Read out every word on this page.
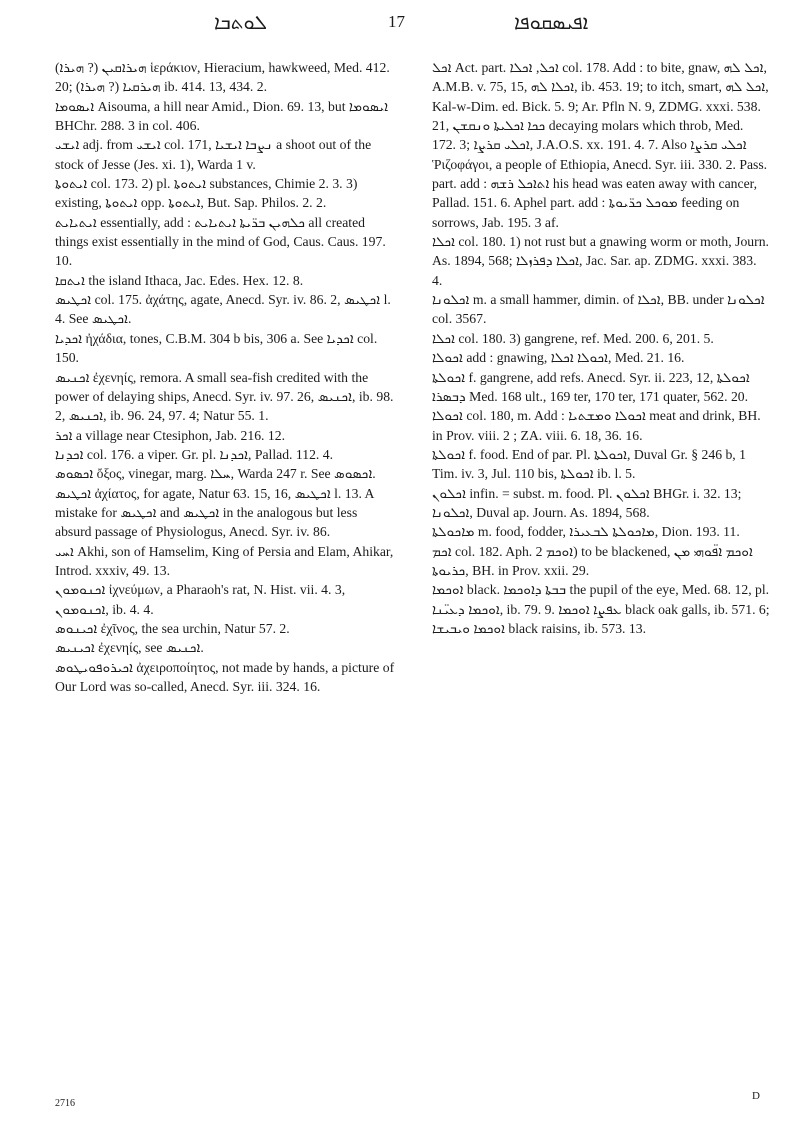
ܠܘܬܒܐ	17	ܐܦܝܣܩܘܦܐ

ܗܝܪܐܩܝܢ (? ܗܝܪܐ) ἱεράκιον, Hieracium, hawkweed, Med. 412. 20; ܗܝܪܩܝܐ (? ܗܝܪܐ) ib. 414. 13, 434. 2.

ܐܝܣܘܡܐ Aisouma, a hill near Amid., Dion. 69. 13, but ܐܝܣܘܡܐ BHChr. 288. 3 in col. 406.

ܐܝܫܝ adj. from ܐܝܫܝ col. 171, ܢܨܒܐ ܐܝܫܝܐ a shoot out of the stock of Jesse (Jes. xi. 1), Warda 1 v.

ܐܝܬܘܬܐ col. 173. 2) pl. ܐܝܬܘܬܐ substances, Chimie 2. 3. 3) existing, ܐܝܬܘܬܐ opp. ܐܝܬܘܬܐ, But. Sap. Philos. 2. 2.

ܐܝܬܝܐܝܬ essentially, add : ܟܠܗܝܢ ܒܪ̈ܝܬܐ ܐܝܬܝܐܝܬ all created things exist essentially in the mind of God, Caus. Caus. 197. 10.

ܐܝܬܩܐ the island Ithaca, Jac. Edes. Hex. 12. 8.

ܐܟܛܝܣ col. 175. ἀχάτης, agate, Anecd. Syr. iv. 86. 2, ܐܟܛܝܣ l. 4. See ܐܟܛܝܣ.

ܐܟܕܝܐ ἠχάδια, tones, C.B.M. 304 b bis, 306 a. See ܐܟܕܝܐ col. 150.

ܐܟܢܝܣ ἐχενηίς, remora. A small sea-fish credited with the power of delaying ships, Anecd. Syr. iv. 97. 26, ܐܟܢܝܣ, ib. 98. 2, ܐܟܢܝܣ, ib. 96. 24, 97. 4; Natur 55. 1.

ܐܟܪ a village near Ctesiphon, Jab. 216. 12.

ܐܟܕܢܐ col. 176. a viper. Gr. pl. ܐܟܕܢܐ, Pallad. 112. 4.

ܐܟܣܘܣ ὄξος, vinegar, marg. ܚܠܐ, Warda 247 r. See ܐܟܣܘܣ.

ܐܟܛܝܣ ἀχίατος, for agate, Natur 63. 15, 16, ܐܟܛܝܣ l. 13. A mistake for ܐܟܛܝܣ and ܐܟܛܝܣ in the analogous but less absurd passage of Physiologus, Anecd. Syr. iv. 86.

ܐܚܝ Akhi, son of Hamselim, King of Persia and Elam, Ahikar, Introd. xxxiv, 49. 13.

ܐܟܢܘܡܘܢ ἰχνεύμων, a Pharaoh's rat, N. Hist. vii. 4. 3, ܐܟܢܘܡܘܢ, ib. 4. 4.

ܐܟܝܢܘܣ ἐχῖνος, the sea urchin, Natur 57. 2.

ܐܟܝܢܝܣ ἐχενηίς, see ܐܟܢܝܣ.

ܐܟܝܪܘܦܘܝܛܘܣ ἀχειροποίητος, not made by hands, a picture of Our Lord was so-called, Anecd. Syr. iii. 324. 16.

ܐܟܠ Act. part. ܐܟܠ, ܐܟܠܐ col. 178. Add : to bite, gnaw, ܐܟܠ ܠܗ, A.M.B. v. 75, 15, ܐܟܠܐ ܠܗ, ib. 453. 19; to itch, smart, ܐܟܠ ܠܗ, Kal-w-Dim. ed. Bick. 5. 9; Ar. Pfln N. 9, ZDMG. xxxi. 538. 21, ܟܟܐ ܐܟܠܝܬܐ ܘܢܩܫܢ decaying molars which throb, Med. 172. 3; ܐܟܠܝ ܩܪܨܐ, J.A.O.S. xx. 191. 4. 7. Also ܐܟܠܝ ܩܪܨܐ Ῥιζοφάγοι, a people of Ethiopia, Anecd. Syr. iii. 330. 2. Pass. part. add : ܐܬܐܟܠ ܪܫܗ his head was eaten away with cancer, Pallad. 151. 6. Aphel part. add : ܡܘܟܠ ܟܪ̈ܝܘܬܐ feeding on sorrows, Jab. 195. 3 af.

ܐܟܠܐ col. 180. 1) not rust but a gnawing worm or moth, Journ. As. 1894, 568; ܐܟܠܐ ܕܦܪܙܠܐ, Jac. Sar. ap. ZDMG. xxxi. 383. 4.

ܐܟܠܘܢܐ m. a small hammer, dimin. of ܐܟܠܐ, BB. under ܐܟܠܘܢܐ col. 3567.

ܐܟܠܐ col. 180. 3) gangrene, ref. Med. 200. 6, 201. 5.

ܐܟܘܠܐ add : gnawing, ܐܟܘܠܐ ܐܟܠܐ, Med. 21. 16.

ܐܟܘܠܬܐ f. gangrene, add refs. Anecd. Syr. ii. 223, 12, ܐܟܘܠܬܐ ܕܒܣܪܐ Med. 168 ult., 169 ter, 170 ter, 171 quater, 562. 20.

ܐܟܘܠܐ col. 180, m. Add : ܐܟܘܠܐ ܘܡܫܬܝܐ meat and drink, BH. in Prov. viii. 2 ; ZA. viii. 6. 18, 36. 16.

ܐܟܘܠܬܐ f. food. End of par. Pl. ܐܟܘܠܬܐ, Duval Gr. § 246 b, 1 Tim. iv. 3, Jul. 110 bis, ܐܟܘܠܬܐ ib. l. 5.

ܐܟܠܘܢ infin. = subst. m. food. Pl. ܐܟܠܘܢ BHGr. i. 32. 13; ܐܟܠܘܢܐ, Duval ap. Journ. As. 1894, 568.

ܡܐܟܘܠܬܐ m. food, fodder, ܡܐܟܘܠܬܐ ܠܒܥܝܪܐ, Dion. 193. 11.

ܐܟܡ col. 182. Aph. ܐܘܟܡ 2) to be blackened, ܐܘܟܡ ܐܦ̈ܘܗܝ ܡܢ ܟܪܝܘܬܐ, BH. in Prov. xxii. 29.

ܐܘܟܡܐ black. ܒܒܬܐ ܕܐܘܟܡܐ the pupil of the eye, Med. 68. 12, pl. ܐܘܟܡܐ ܕܥܝ̈ܢܐ, ib. 79. 9. ܥܦܨܐ ܐܘܟܡܐ black oak galls, ib. 571. 6; ܐܘܟܡܐ ܘܝܒܝܫܐ black raisins, ib. 573. 13.

2716
D
